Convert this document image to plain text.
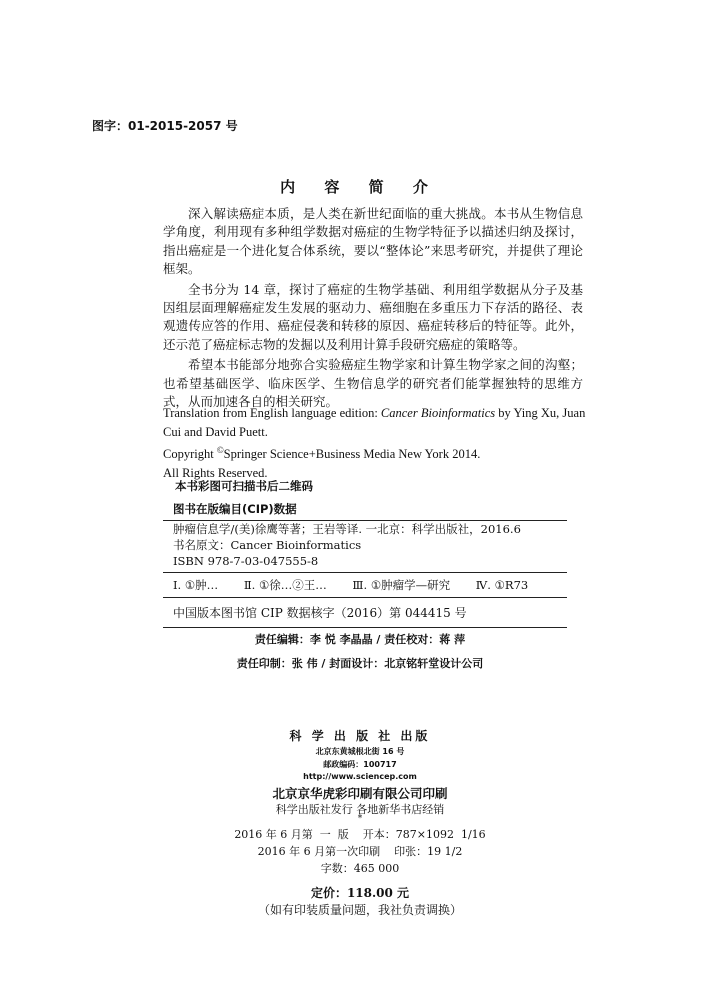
图字：01-2015-2057 号
内 容 简 介

深入解读癌症本质，是人类在新世纪面临的重大挑战。本书从生物信息学角度，利用现有多种组学数据对癌症的生物学特征予以描述归纳及探讨，指出癌症是一个进化复合体系统，要以“整体论”来思考研究，并提供了理论框架。

全书分为 14 章，探讨了癌症的生物学基础、利用组学数据从分子及基因组层面理解癌症发生发展的驱动力、癌细胞在多重压力下存活的路径、表观遗传应答的作用、癌症侵袭和转移的原因、癌症转移后的特征等。此外，还示范了癌症标志物的发掘以及利用计算手段研究癌症的策略等。

希望本书能部分地弥合实验癌症生物学家和计算生物学家之间的沟壑；也希望基础医学、临床医学、生物信息学的研究者们能掌握独特的思维方式，从而加速各自的相关研究。

Translation from English language edition: Cancer Bioinformatics by Ying Xu, Juan Cui and David Puett.
Copyright ©Springer Science+Business Media New York 2014.
All Rights Reserved.
本书彩图可扫描书后二维码
图书在版编目(CIP)数据
肿瘤信息学/(美)徐鹰等著；王岩等译. 一北京：科学出版社，2016.6
书名原文：Cancer Bioinformatics
ISBN 978-7-03-047555-8
Ⅰ. ①肿… Ⅱ. ①徐…②王… Ⅲ. ①肿瘤学—研究 Ⅳ. ①R73
中国版本图书馆 CIP 数据核字（2016）第 044415 号
责任编辑：李 悦 李晶晶 / 责任校对：蒋 萍
责任印制：张 伟 / 封面设计：北京铭轩堂设计公司
科 学 出 版 社 出版
北京东黄城根北街 16 号
邮政编码：100717
http://www.sciencep.com
北京京华虎彩印刷有限公司印刷
科学出版社发行 各地新华书店经销
*
2016 年 6 月第  一  版    开本：787×1092  1/16
2016 年 6 月第一次印刷    印张：19 1/2
字数：465 000
定价：118.00 元
（如有印装质量问题，我社负责调换）
